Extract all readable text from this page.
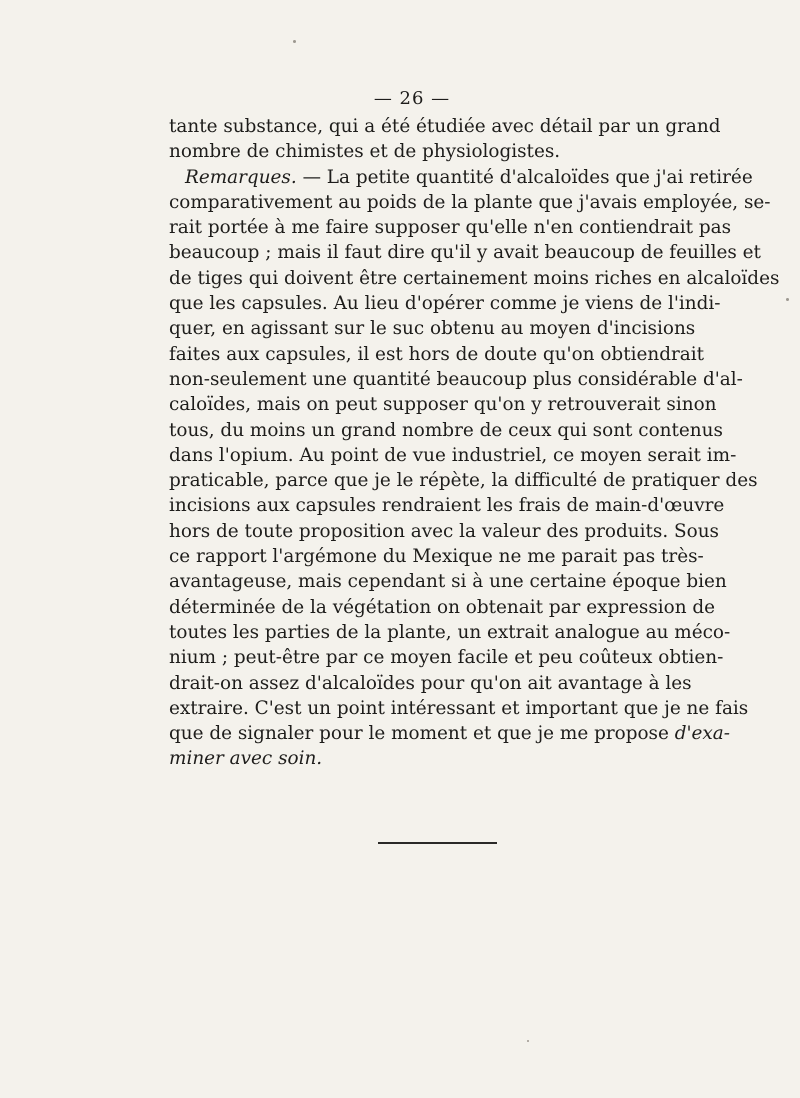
— 26 —
tante substance, qui a été étudiée avec détail par un grand
nombre de chimistes et de physiologistes.
Remarques. — La petite quantité d'alcaloïdes que j'ai retirée
comparativement au poids de la plante que j'avais employée, se-
rait portée à me faire supposer qu'elle n'en contiendrait pas
beaucoup ; mais il faut dire qu'il y avait beaucoup de feuilles et
de tiges qui doivent être certainement moins riches en alcaloïdes
que les capsules. Au lieu d'opérer comme je viens de l'indi-
quer, en agissant sur le suc obtenu au moyen d'incisions
faites aux capsules, il est hors de doute qu'on obtiendrait
non-seulement une quantité beaucoup plus considérable d'al-
caloïdes, mais on peut supposer qu'on y retrouverait sinon
tous, du moins un grand nombre de ceux qui sont contenus
dans l'opium. Au point de vue industriel, ce moyen serait im-
praticable, parce que je le répète, la difficulté de pratiquer des
incisions aux capsules rendraient les frais de main-d'œuvre
hors de toute proposition avec la valeur des produits. Sous
ce rapport l'argémone du Mexique ne me parait pas très-
avantageuse, mais cependant si à une certaine époque bien
déterminée de la végétation on obtenait par expression de
toutes les parties de la plante, un extrait analogue au méco-
nium ; peut-être par ce moyen facile et peu coûteux obtien-
drait-on assez d'alcaloïdes pour qu'on ait avantage à les
extraire. C'est un point intéressant et important que je ne fais
que de signaler pour le moment et que je me propose d'exa-
miner avec soin.
